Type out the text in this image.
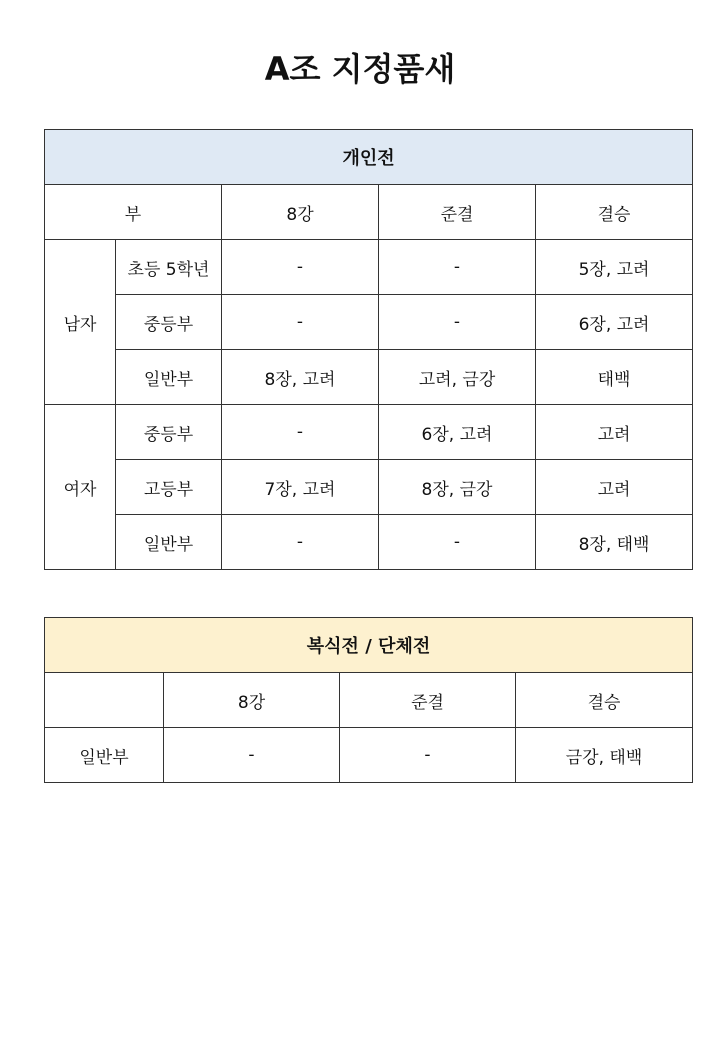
A조 지정품새
개인전				
부		8강	준결	결승
남자	초등 5학년	-	-	5장, 고려
	중등부	-	-	6장, 고려
	일반부	8장, 고려	고려, 금강	태백
여자	중등부	-	6장, 고려	고려
	고등부	7장, 고려	8장, 금강	고려
	일반부	-	-	8장, 태백
복식전 / 단체전			
	8강	준결	결승
일반부	-	-	금강, 태백
